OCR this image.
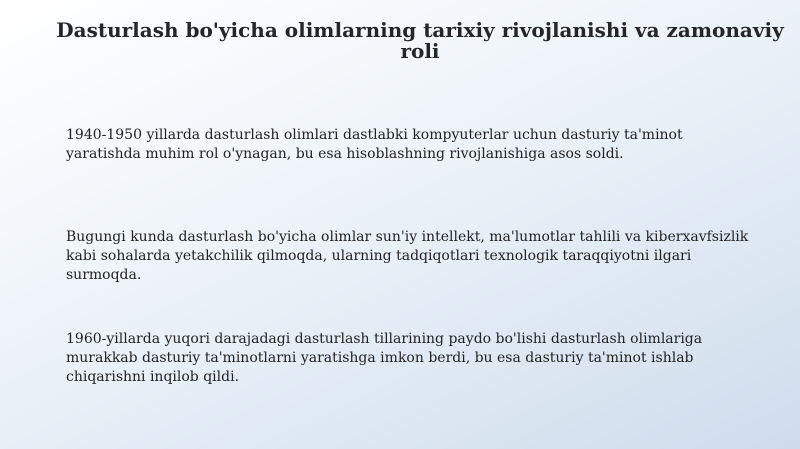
Dasturlash bo'yicha olimlarning tarixiy rivojlanishi va zamonaviy roli

1940-1950 yillarda dasturlash olimlari dastlabki kompyuterlar uchun dasturiy ta'minot yaratishda muhim rol o'ynagan, bu esa hisoblashning rivojlanishiga asos soldi.

Bugungi kunda dasturlash bo'yicha olimlar sun'iy intellekt, ma'lumotlar tahlili va kiberxavfsizlik kabi sohalarda yetakchilik qilmoqda, ularning tadqiqotlari texnologik taraqqiyotni ilgari surmoqda.

1960-yillarda yuqori darajadagi dasturlash tillarining paydo bo'lishi dasturlash olimlariga murakkab dasturiy ta'minotlarni yaratishga imkon berdi, bu esa dasturiy ta'minot ishlab chiqarishni inqilob qildi.
